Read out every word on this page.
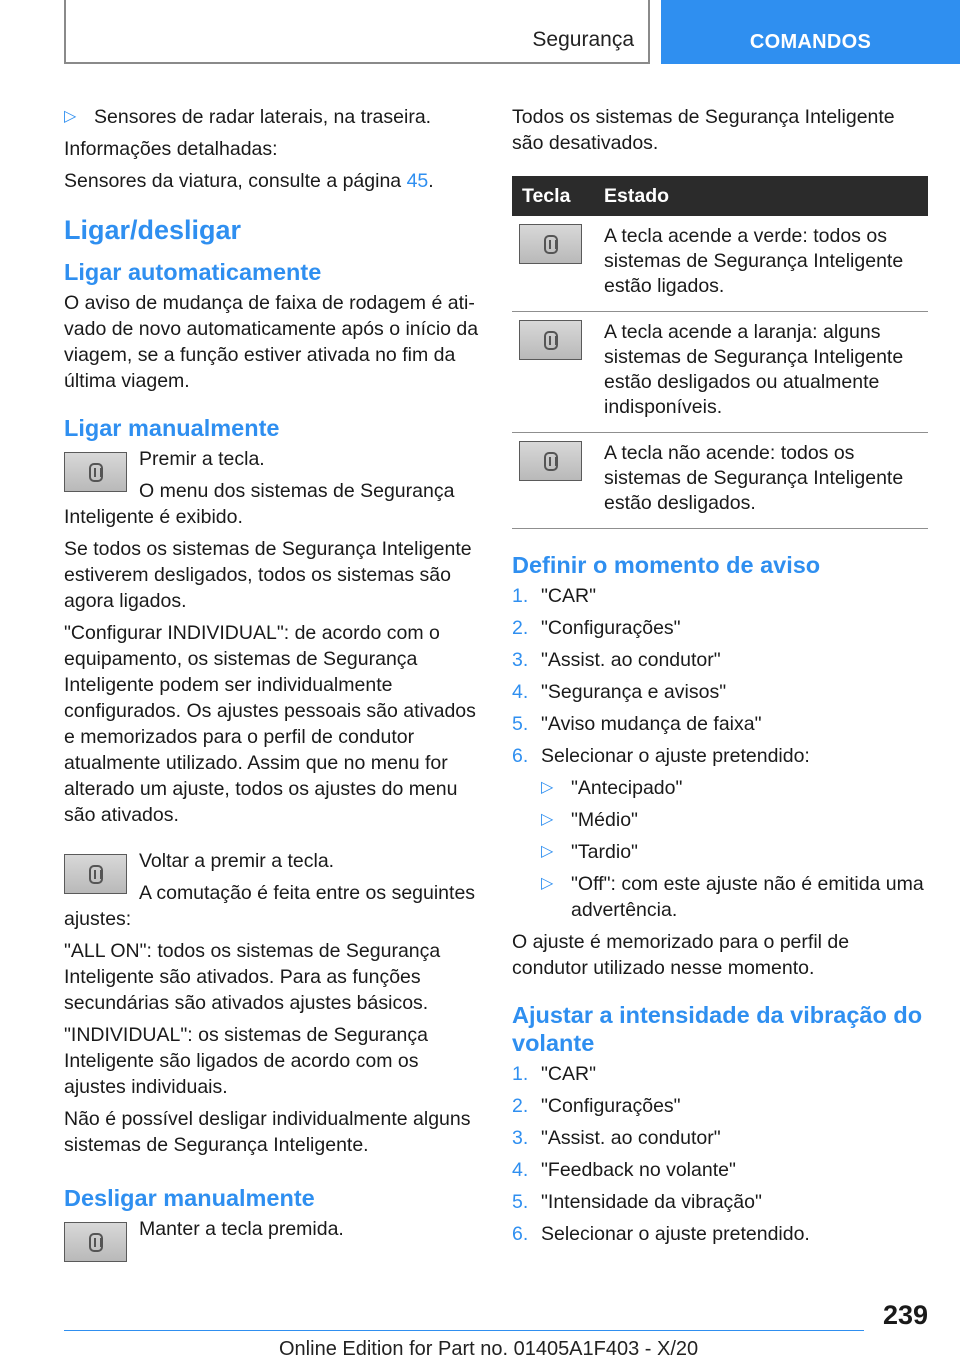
Segurança	COMANDOS
▷ Sensores de radar laterais, na traseira.

Informações detalhadas:

Sensores da viatura, consulte a página 45.

Ligar/desligar
Ligar automaticamente

O aviso de mudança de faixa de rodagem é ativado de novo automaticamente após o início da viagem, se a função estiver ativada no fim da última viagem.

Ligar manualmente

Premir a tecla.

O menu dos sistemas de Segurança Inteligente é exibido.

Se todos os sistemas de Segurança Inteligente estiverem desligados, todos os sistemas são agora ligados.

"Configurar INDIVIDUAL": de acordo com o equipamento, os sistemas de Segurança Inteligente podem ser individualmente configurados. Os ajustes pessoais são ativados e memorizados para o perfil de condutor atualmente utilizado. Assim que no menu for alterado um ajuste, todos os ajustes do menu são ativados.

Voltar a premir a tecla.

A comutação é feita entre os seguintes ajustes:

"ALL ON": todos os sistemas de Segurança Inteligente são ativados. Para as funções secundárias são ativados ajustes básicos.

"INDIVIDUAL": os sistemas de Segurança Inteligente são ligados de acordo com os ajustes individuais.

Não é possível desligar individualmente alguns sistemas de Segurança Inteligente.

Desligar manualmente

Manter a tecla premida.

Todos os sistemas de Segurança Inteligente são desativados.

Tecla	Estado

	A tecla acende a verde: todos os sistemas de Segurança Inteligente estão ligados.

	A tecla acende a laranja: alguns sistemas de Segurança Inteligente estão desligados ou atualmente indisponíveis.

	A tecla não acende: todos os sistemas de Segurança Inteligente estão desligados.
Definir o momento de aviso
1. "CAR"
2. "Configurações"
3. "Assist. ao condutor"
4. "Segurança e avisos"
5. "Aviso mudança de faixa"
6. Selecionar o ajuste pretendido:
▷ "Antecipado"
▷ "Médio"
▷ "Tardio"
▷ "Off": com este ajuste não é emitida uma advertência.

O ajuste é memorizado para o perfil de condutor utilizado nesse momento.

Ajustar a intensidade da vibração do volante
1. "CAR"
2. "Configurações"
3. "Assist. ao condutor"
4. "Feedback no volante"
5. "Intensidade da vibração"
6. Selecionar o ajuste pretendido.
239
Online Edition for Part no. 01405A1F403 - X/20
